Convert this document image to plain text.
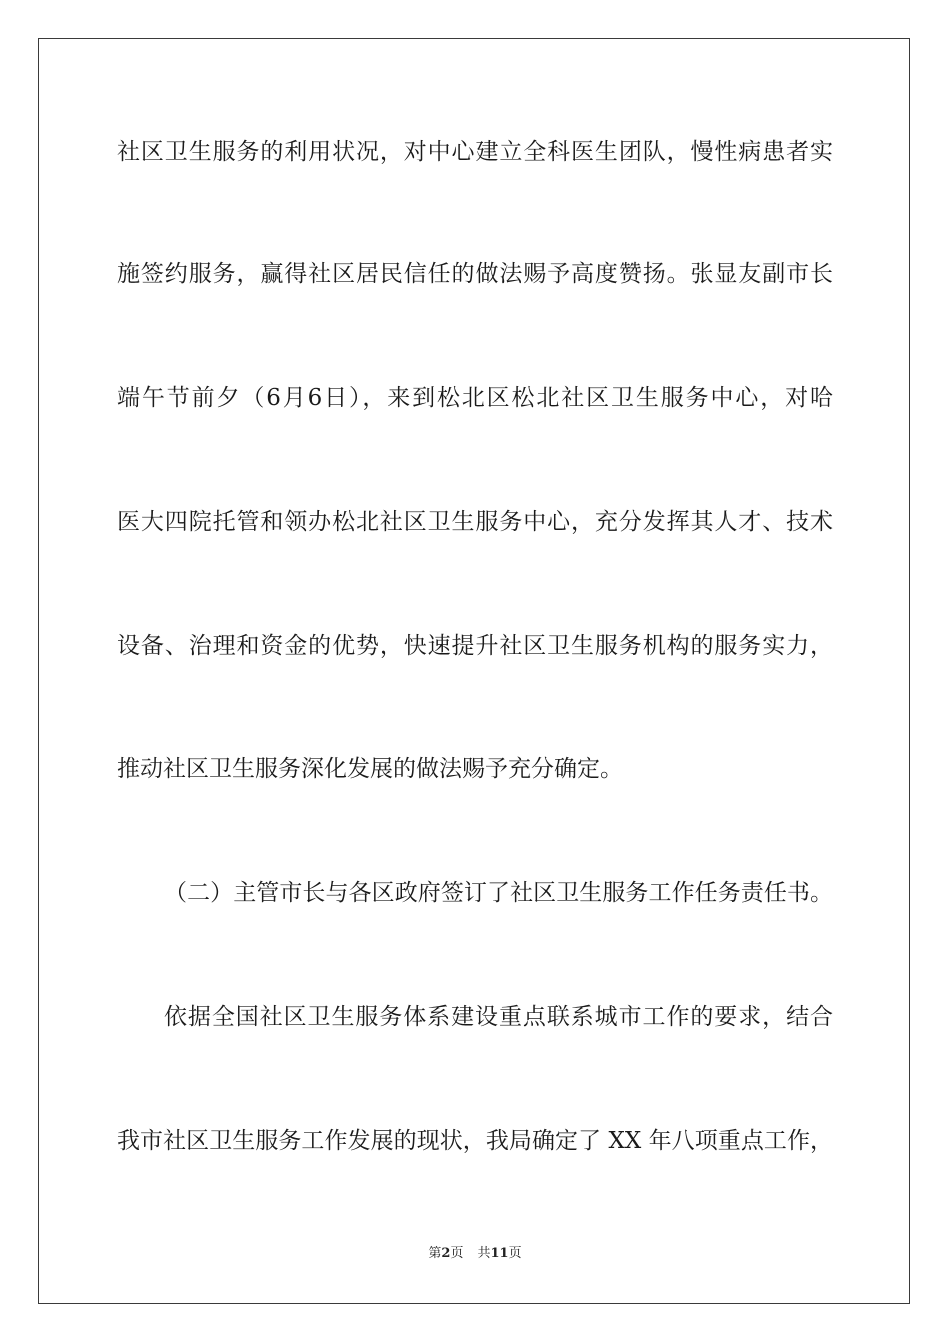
社区卫生服务的利用状况，对中心建立全科医生团队，慢性病患者实
施签约服务，赢得社区居民信任的做法赐予高度赞扬。张显友副市长
端午节前夕（6月6日），来到松北区松北社区卫生服务中心，对哈
医大四院托管和领办松北社区卫生服务中心，充分发挥其人才、技术
设备、治理和资金的优势，快速提升社区卫生服务机构的服务实力，
推动社区卫生服务深化发展的做法赐予充分确定。
（二）主管市长与各区政府签订了社区卫生服务工作任务责任书。
依据全国社区卫生服务体系建设重点联系城市工作的要求，结合
我市社区卫生服务工作发展的现状，我局确定了 XX 年八项重点工作，
第2页 共11页
